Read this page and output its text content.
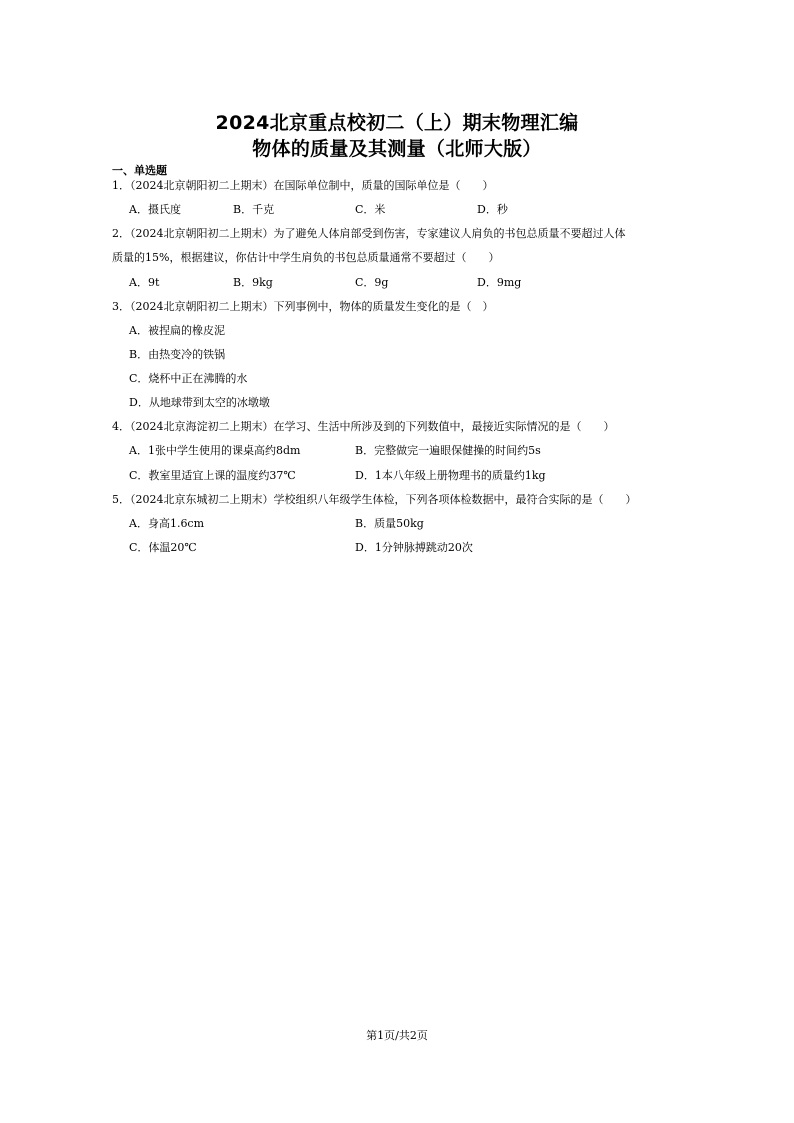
2024北京重点校初二（上）期末物理汇编
物体的质量及其测量（北师大版）
一、单选题
1．（2024北京朝阳初二上期末）在国际单位制中，质量的国际单位是（　　）
A．摄氏度	B．千克	C．米	D．秒
2．（2024北京朝阳初二上期末）为了避免人体肩部受到伤害，专家建议人肩负的书包总质量不要超过人体
质量的15%，根据建议，你估计中学生肩负的书包总质量通常不要超过（　　）
A．9t	B．9kg	C．9g	D．9mg
3．（2024北京朝阳初二上期末）下列事例中，物体的质量发生变化的是（　）
A．被捏扁的橡皮泥
B．由热变冷的铁锅
C．烧杯中正在沸腾的水
D．从地球带到太空的冰墩墩
4．（2024北京海淀初二上期末）在学习、生活中所涉及到的下列数值中，最接近实际情况的是（　　）
A．1张中学生使用的课桌高约8dm	B．完整做完一遍眼保健操的时间约5s
C．教室里适宜上课的温度约37℃	D．1本八年级上册物理书的质量约1kg
5．（2024北京东城初二上期末）学校组织八年级学生体检，下列各项体检数据中，最符合实际的是（　　）
A．身高1.6cm	B．质量50kg
C．体温20℃	D．1分钟脉搏跳动20次
第1页/共2页
